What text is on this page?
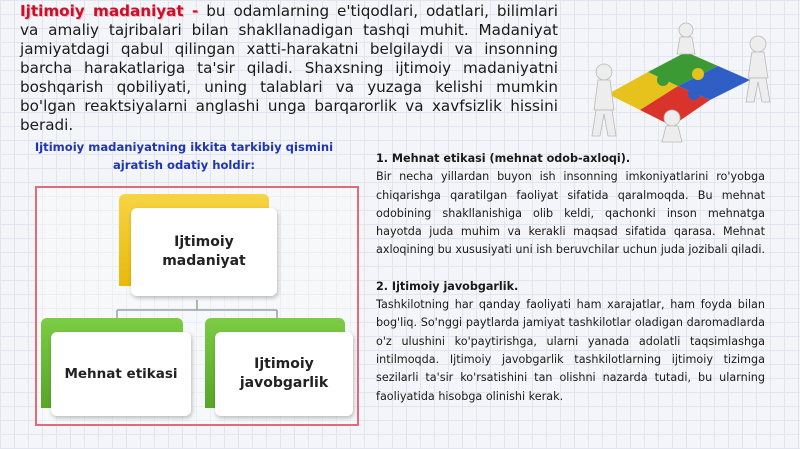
Ijtimoiy madaniyat - bu odamlarning e'tiqodlari, odatlari, bilimlari va amaliy tajribalari bilan shakllanadigan tashqi muhit. Madaniyat jamiyatdagi qabul qilingan xatti-harakatni belgilaydi va insonning barcha harakatlariga ta'sir qiladi. Shaxsning ijtimoiy madaniyatni boshqarish qobiliyati, uning talablari va yuzaga kelishi mumkin bo'lgan reaktsiyalarni anglashi unga barqarorlik va xavfsizlik hissini beradi.
Ijtimoiy madaniyatning ikkita tarkibiy qismini ajratish odatiy holdir:
Ijtimoiy madaniyat
Mehnat etikasi
Ijtimoiy javobgarlik

1. Mehnat etikasi (mehnat odob-axloqi).

Bir necha yillardan buyon ish insonning imkoniyatlarini ro'yobga chiqarishga qaratilgan faoliyat sifatida qaralmoqda. Bu mehnat odobining shakllanishiga olib keldi, qachonki inson mehnatga hayotda juda muhim va kerakli maqsad sifatida qarasa. Mehnat axloqining bu xususiyati uni ish beruvchilar uchun juda jozibali qiladi.

2. Ijtimoiy javobgarlik.

Tashkilotning har qanday faoliyati ham xarajatlar, ham foyda bilan bog'liq. So'nggi paytlarda jamiyat tashkilotlar oladigan daromadlarda o'z ulushini ko'paytirishga, ularni yanada adolatli taqsimlashga intilmoqda. Ijtimoiy javobgarlik tashkilotlarning ijtimoiy tizimga sezilarli ta'sir ko'rsatishini tan olishni nazarda tutadi, bu ularning faoliyatida hisobga olinishi kerak.
